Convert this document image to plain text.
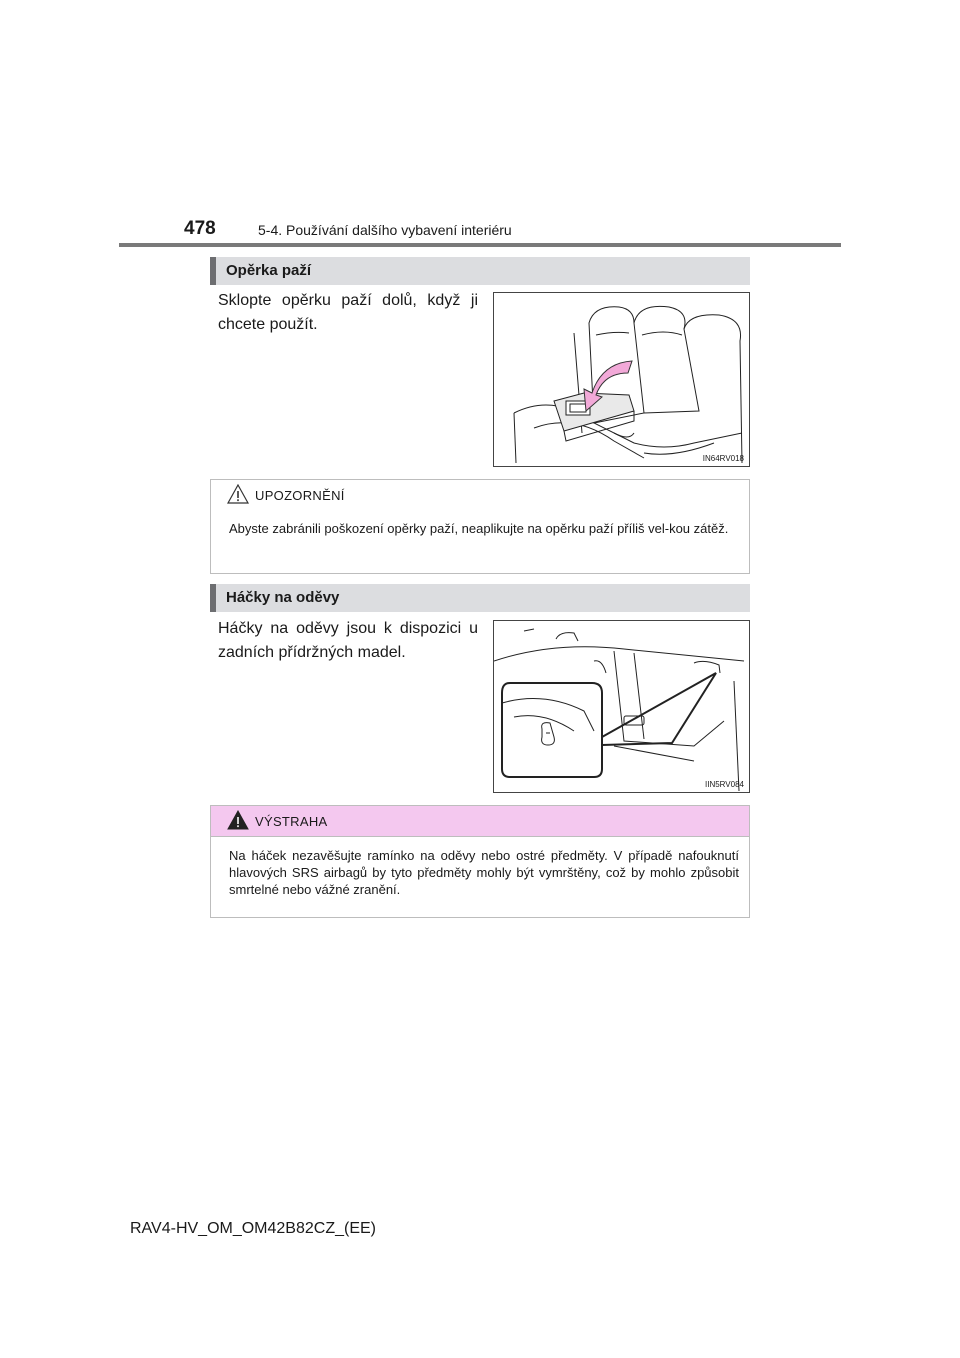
478	5-4. Používání dalšího vybavení interiéru
Opěrka paží
Sklopte opěrku paží dolů, když ji chcete použít.
IN64RV018
UPOZORNĚNÍ
Abyste zabránili poškození opěrky paží, neaplikujte na opěrku paží příliš vel-kou zátěž.
Háčky na oděvy
Háčky na oděvy jsou k dispozici u zadních přídržných madel.
IIN5RV084
VÝSTRAHA
Na háček nezavěšujte ramínko na oděvy nebo ostré předměty. V případě nafouknutí hlavových SRS airbagů by tyto předměty mohly být vymrštěny, což by mohlo způsobit smrtelné nebo vážné zranění.
RAV4-HV_OM_OM42B82CZ_(EE)
